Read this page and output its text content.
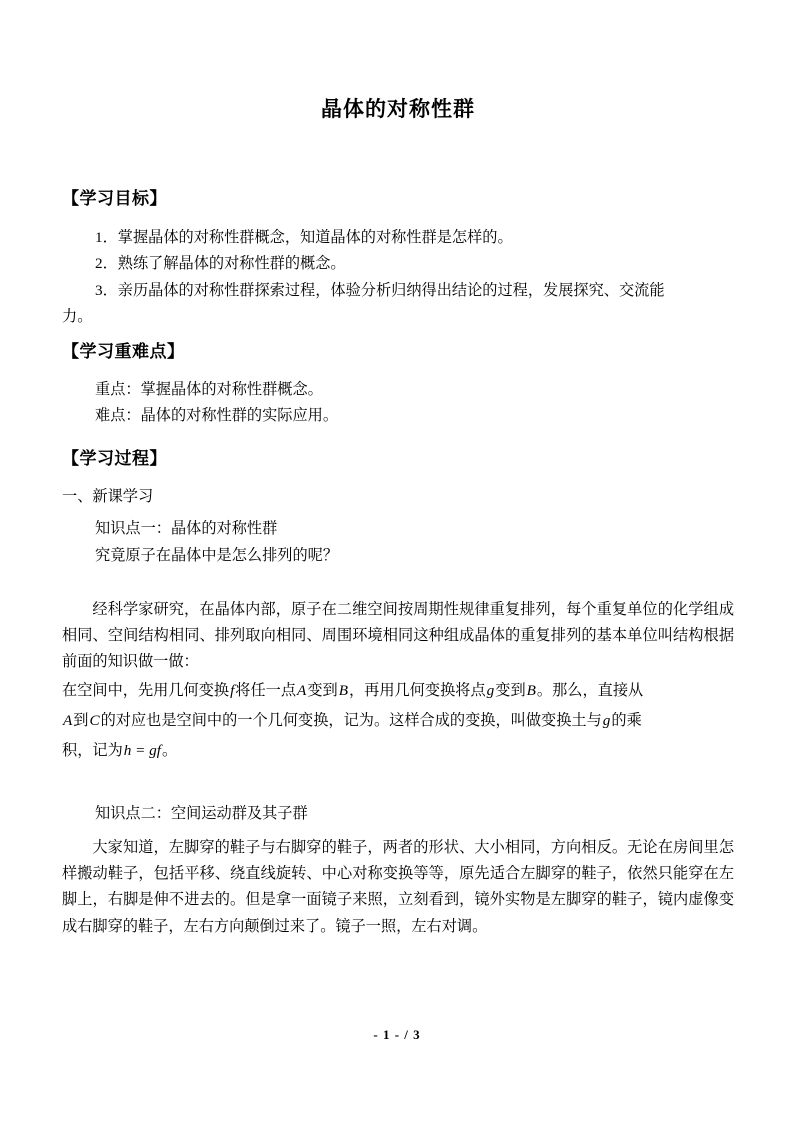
晶体的对称性群

【学习目标】

1．掌握晶体的对称性群概念，知道晶体的对称性群是怎样的。

2．熟练了解晶体的对称性群的概念。

3．亲历晶体的对称性群探索过程，体验分析归纳得出结论的过程，发展探究、交流能

力。

【学习重难点】

重点：掌握晶体的对称性群概念。

难点：晶体的对称性群的实际应用。

【学习过程】

一、新课学习

知识点一：晶体的对称性群

究竟原子在晶体中是怎么排列的呢？

经科学家研究，在晶体内部，原子在二维空间按周期性规律重复排列，每个重复单位的化学组成相同、空间结构相同、排列取向相同、周围环境相同这种组成晶体的重复排列的基本单位叫结构根据前面的知识做一做：

在空间中，先用几何变换f将任一点A变到B，再用几何变换将点g变到B。那么，直接从

A到C的对应也是空间中的一个几何变换，记为。这样合成的变换，叫做变换土与g的乘

积，记为h = gf。

知识点二：空间运动群及其子群

大家知道，左脚穿的鞋子与右脚穿的鞋子，两者的形状、大小相同，方向相反。无论在房间里怎样搬动鞋子，包括平移、绕直线旋转、中心对称变换等等，原先适合左脚穿的鞋子，依然只能穿在左脚上，右脚是伸不进去的。但是拿一面镜子来照，立刻看到，镜外实物是左脚穿的鞋子，镜内虚像变成右脚穿的鞋子，左右方向颠倒过来了。镜子一照，左右对调。

- 1 - / 3
